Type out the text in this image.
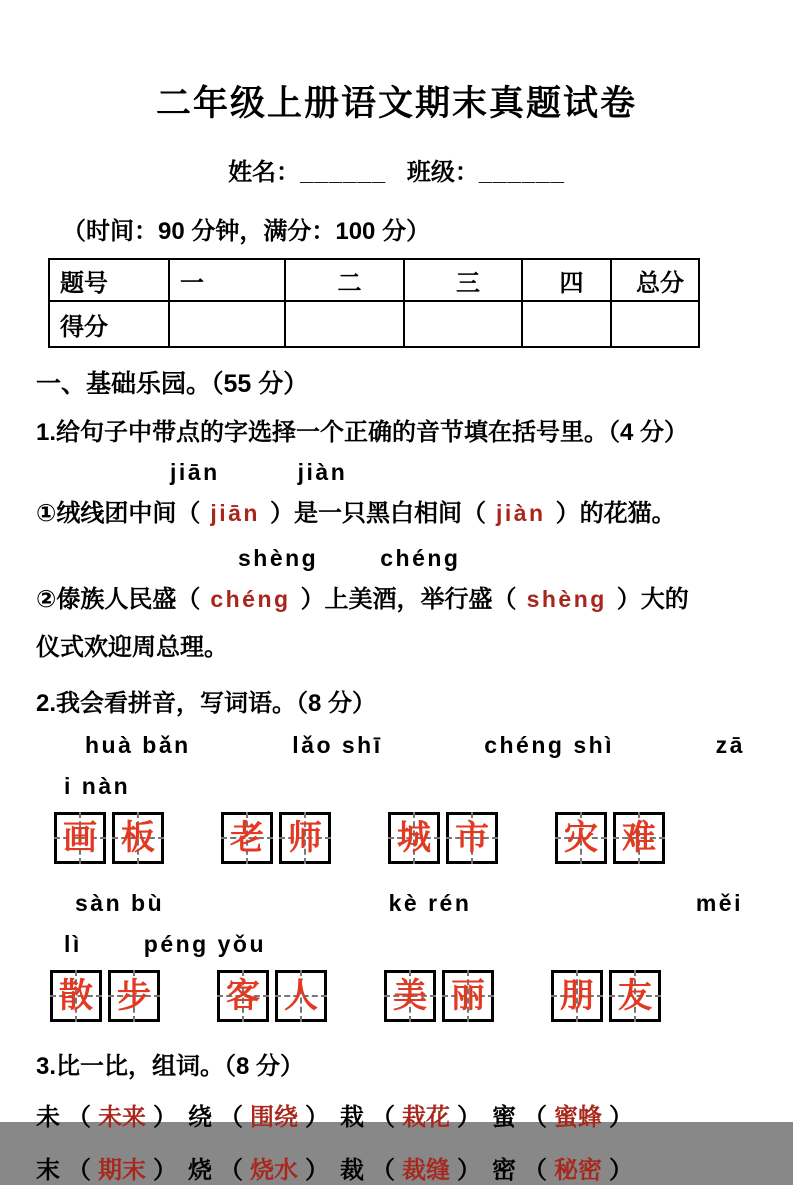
二年级上册语文期末真题试卷
姓名：______ 班级：______
（时间：90 分钟，满分：100 分）
题号	一	二	三	四	总分
得分					
一、基础乐园。（55 分）
1.给句子中带点的字选择一个正确的音节填在括号里。（4 分）
jiān	jiàn
①绒线团中间（ jiān ）是一只黑白相间（ jiàn ）的花猫。
shèng	chéng
②傣族人民盛（ chéng ）上美酒，举行盛（ shèng ）大的
仪式欢迎周总理。
2.我会看拼音，写词语。（8 分）
huà bǎn	lǎo shī	chéng shì	zā
i nàn
画 板 老 师 城 市 灾 难
sàn bù	kè rén	měi
lì	péng yǒu
散 步 客 人 美 丽 朋 友
3.比一比，组词。（8 分）
未 （ 未来 ） 绕 （ 围绕 ） 栽 （ 栽花 ） 蜜 （ 蜜蜂 ）
末 （ 期末 ） 烧 （ 烧水 ） 裁 （ 裁缝 ） 密 （ 秘密 ）
